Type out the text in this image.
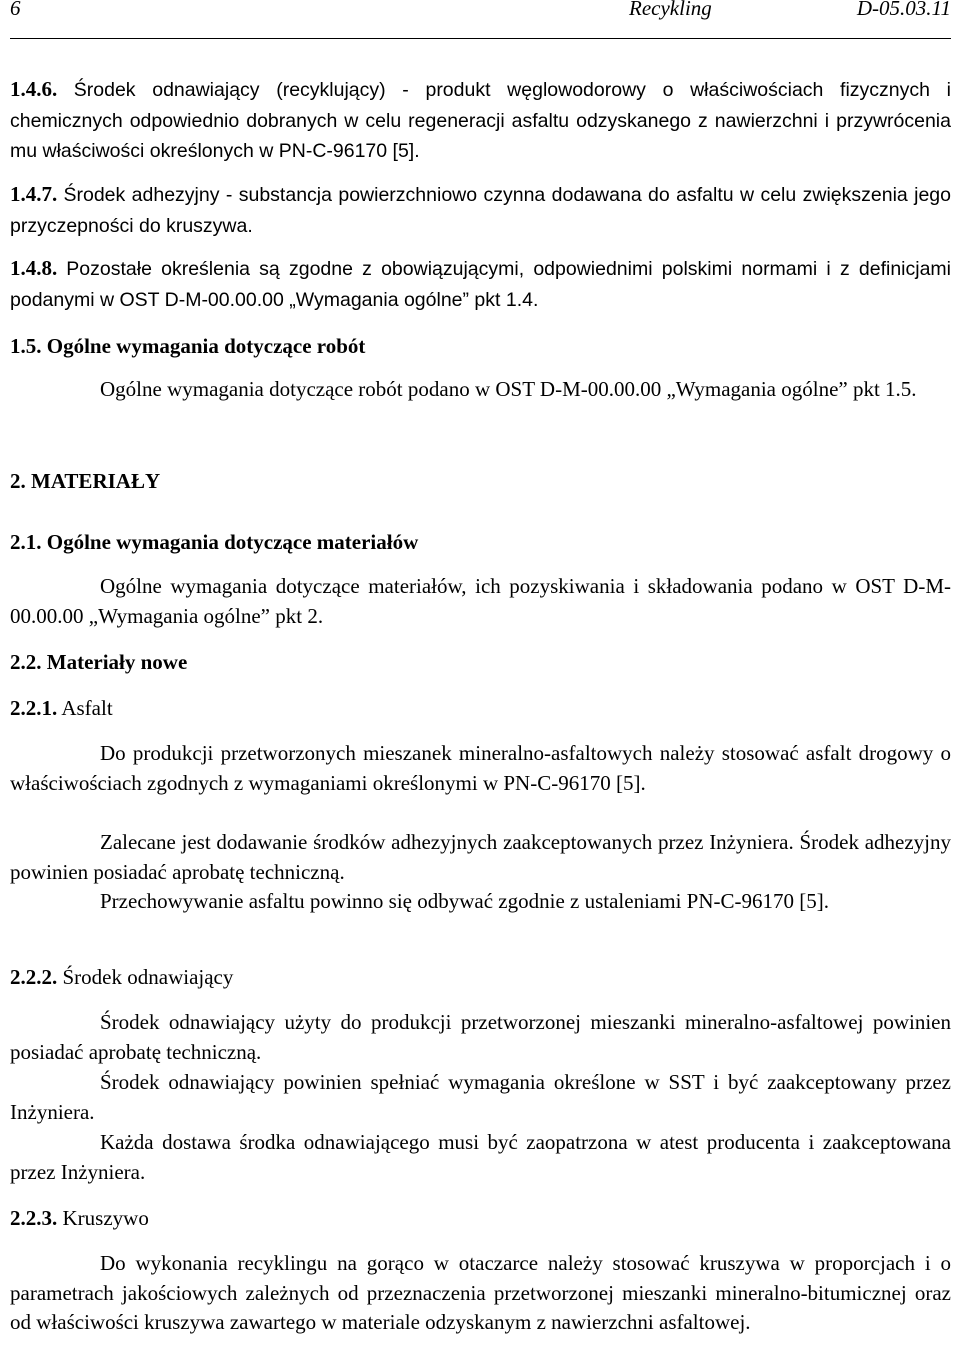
6	Recykling	D-05.03.11

1.4.6. Środek odnawiający (recyklujący) - produkt węglowodorowy o właściwościach fizycznych i chemicznych odpowiednio dobranych w celu regeneracji asfaltu odzyskanego z nawierzchni i przywrócenia mu właściwości określonych w PN-C-96170 [5].

1.4.7. Środek adhezyjny - substancja powierzchniowo czynna dodawana do asfaltu w celu zwiększenia jego przyczepności do kruszywa.

1.4.8. Pozostałe określenia są zgodne z obowiązującymi, odpowiednimi polskimi normami i z definicjami podanymi w OST D-M-00.00.00 „Wymagania ogólne” pkt 1.4.

1.5. Ogólne wymagania dotyczące robót

Ogólne wymagania dotyczące robót podano w OST D-M-00.00.00 „Wymagania ogólne” pkt 1.5.

2. MATERIAŁY

2.1. Ogólne wymagania dotyczące materiałów

Ogólne wymagania dotyczące materiałów, ich pozyskiwania i składowania podano w OST D-M-00.00.00 „Wymagania ogólne” pkt 2.

2.2. Materiały nowe

2.2.1. Asfalt

Do produkcji przetworzonych mieszanek mineralno-asfaltowych należy stosować asfalt drogowy o właściwościach zgodnych z wymaganiami określonymi w PN-C-96170 [5].

Zalecane jest dodawanie środków adhezyjnych zaakceptowanych przez Inżyniera. Środek adhezyjny powinien posiadać aprobatę techniczną.

Przechowywanie asfaltu powinno się odbywać zgodnie z ustaleniami PN-C-96170 [5].

2.2.2. Środek odnawiający

Środek odnawiający użyty do produkcji przetworzonej mieszanki mineralno-asfaltowej powinien posiadać aprobatę techniczną.

Środek odnawiający powinien spełniać wymagania określone w SST i być zaakceptowany przez Inżyniera.

Każda dostawa środka odnawiającego musi być zaopatrzona w atest producenta i zaakceptowana przez Inżyniera.

2.2.3. Kruszywo

Do wykonania recyklingu na gorąco w otaczarce należy stosować kruszywa w proporcjach i o parametrach jakościowych zależnych od przeznaczenia przetworzonej mieszanki mineralno-bitumicznej oraz od właściwości kruszywa zawartego w materiale odzyskanym z nawierzchni asfaltowej.
